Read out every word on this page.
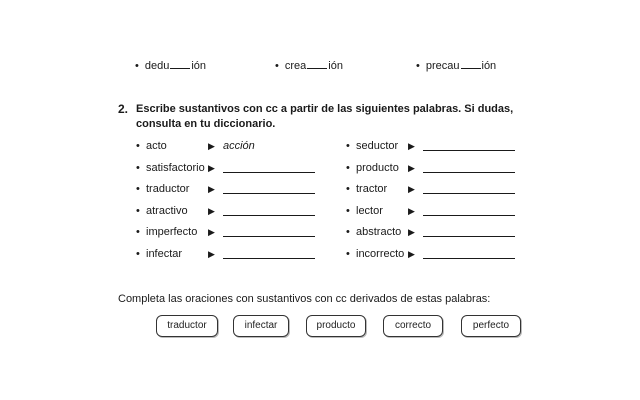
• dedu ión	• crea ión	• precau ión
2. Escribe sustantivos con cc a partir de las siguientes palabras. Si dudas,
consulta en tu diccionario.
• acto	▶ acción
• satisfactorio ▶
• traductor ▶
• atractivo ▶
• imperfecto ▶
• infectar	▶
• seductor ▶
• producto ▶
• tractor ▶
• lector	▶
• abstracto ▶
• incorrecto ▶
Completa las oraciones con sustantivos con cc derivados de estas palabras:
traductor	infectar	producto	correcto	perfecto
